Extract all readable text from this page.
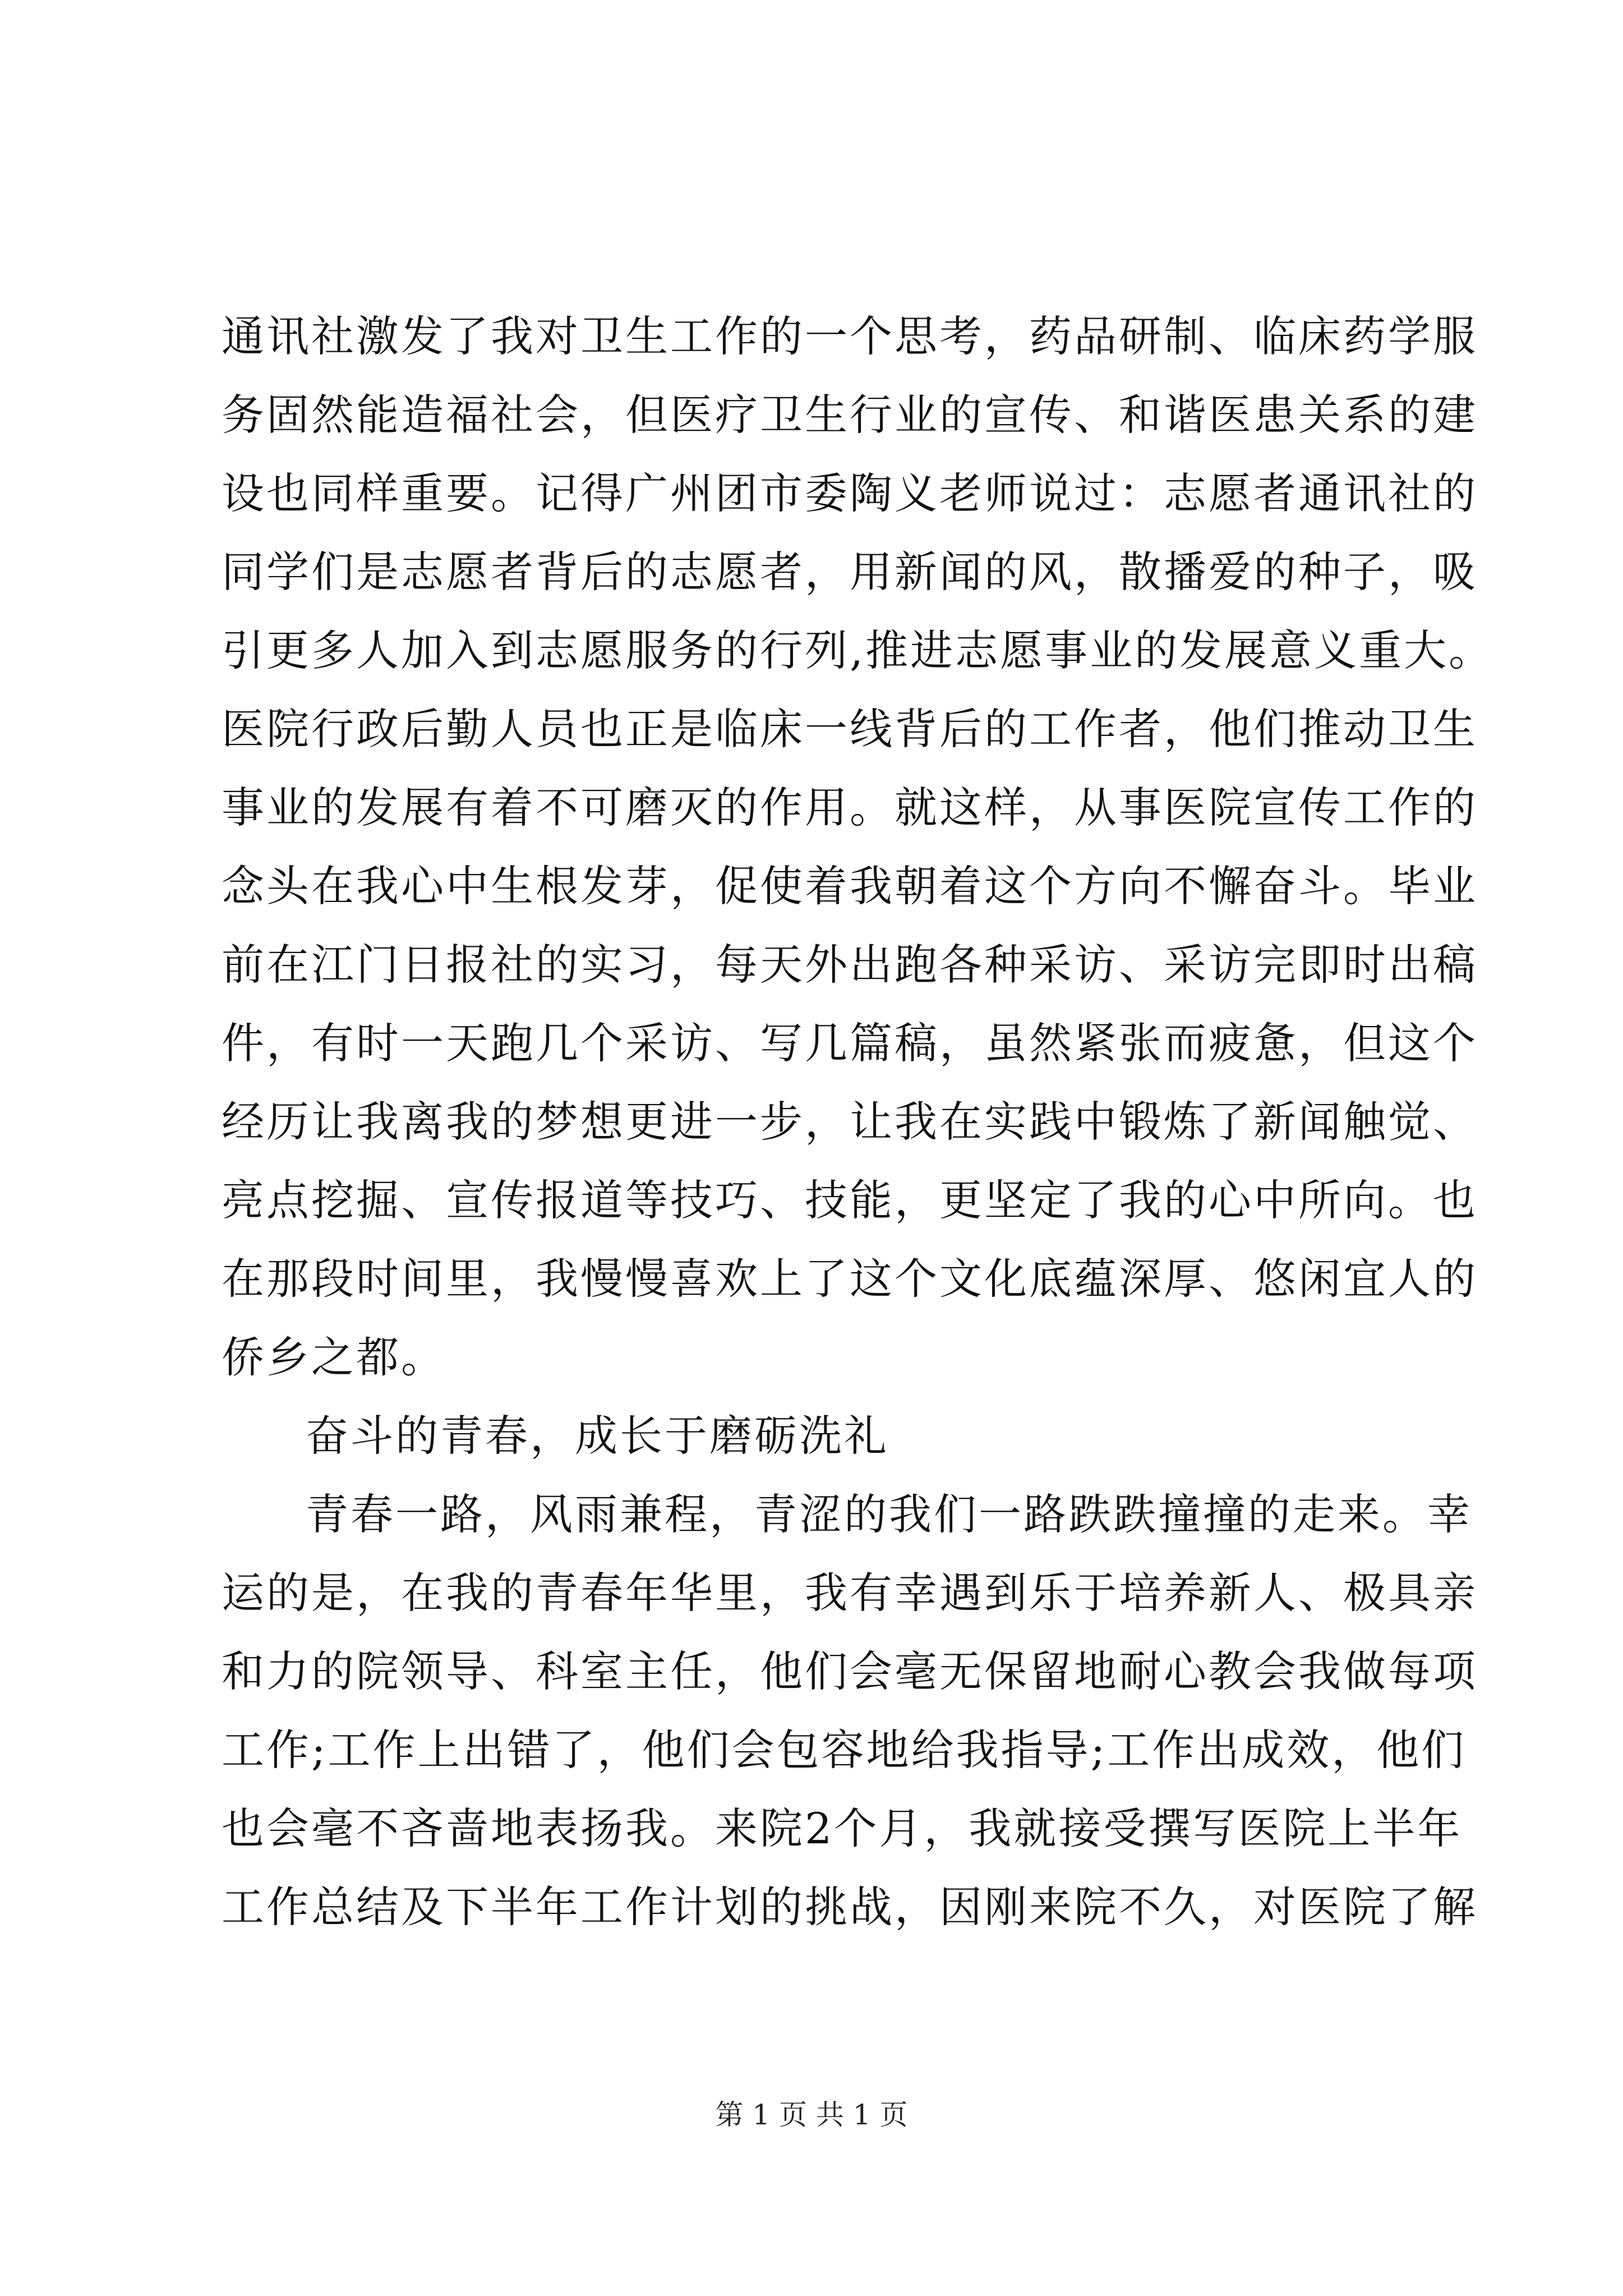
通讯社激发了我对卫生工作的一个思考，药品研制、临床药学服
务固然能造福社会，但医疗卫生行业的宣传、和谐医患关系的建
设也同样重要。记得广州团市委陶义老师说过：志愿者通讯社的
同学们是志愿者背后的志愿者，用新闻的风，散播爱的种子，吸
引更多人加入到志愿服务的行列,推进志愿事业的发展意义重大。
医院行政后勤人员也正是临床一线背后的工作者，他们推动卫生
事业的发展有着不可磨灭的作用。就这样，从事医院宣传工作的
念头在我心中生根发芽，促使着我朝着这个方向不懈奋斗。毕业
前在江门日报社的实习，每天外出跑各种采访、采访完即时出稿
件，有时一天跑几个采访、写几篇稿，虽然紧张而疲惫，但这个
经历让我离我的梦想更进一步，让我在实践中锻炼了新闻触觉、
亮点挖掘、宣传报道等技巧、技能，更坚定了我的心中所向。也
在那段时间里，我慢慢喜欢上了这个文化底蕴深厚、悠闲宜人的
侨乡之都。
奋斗的青春，成长于磨砺洗礼
青春一路，风雨兼程，青涩的我们一路跌跌撞撞的走来。幸
运的是，在我的青春年华里，我有幸遇到乐于培养新人、极具亲
和力的院领导、科室主任，他们会毫无保留地耐心教会我做每项
工作;工作上出错了，他们会包容地给我指导;工作出成效，他们
也会毫不吝啬地表扬我。来院2个月，我就接受撰写医院上半年
工作总结及下半年工作计划的挑战，因刚来院不久，对医院了解
第 1 页 共 1 页
